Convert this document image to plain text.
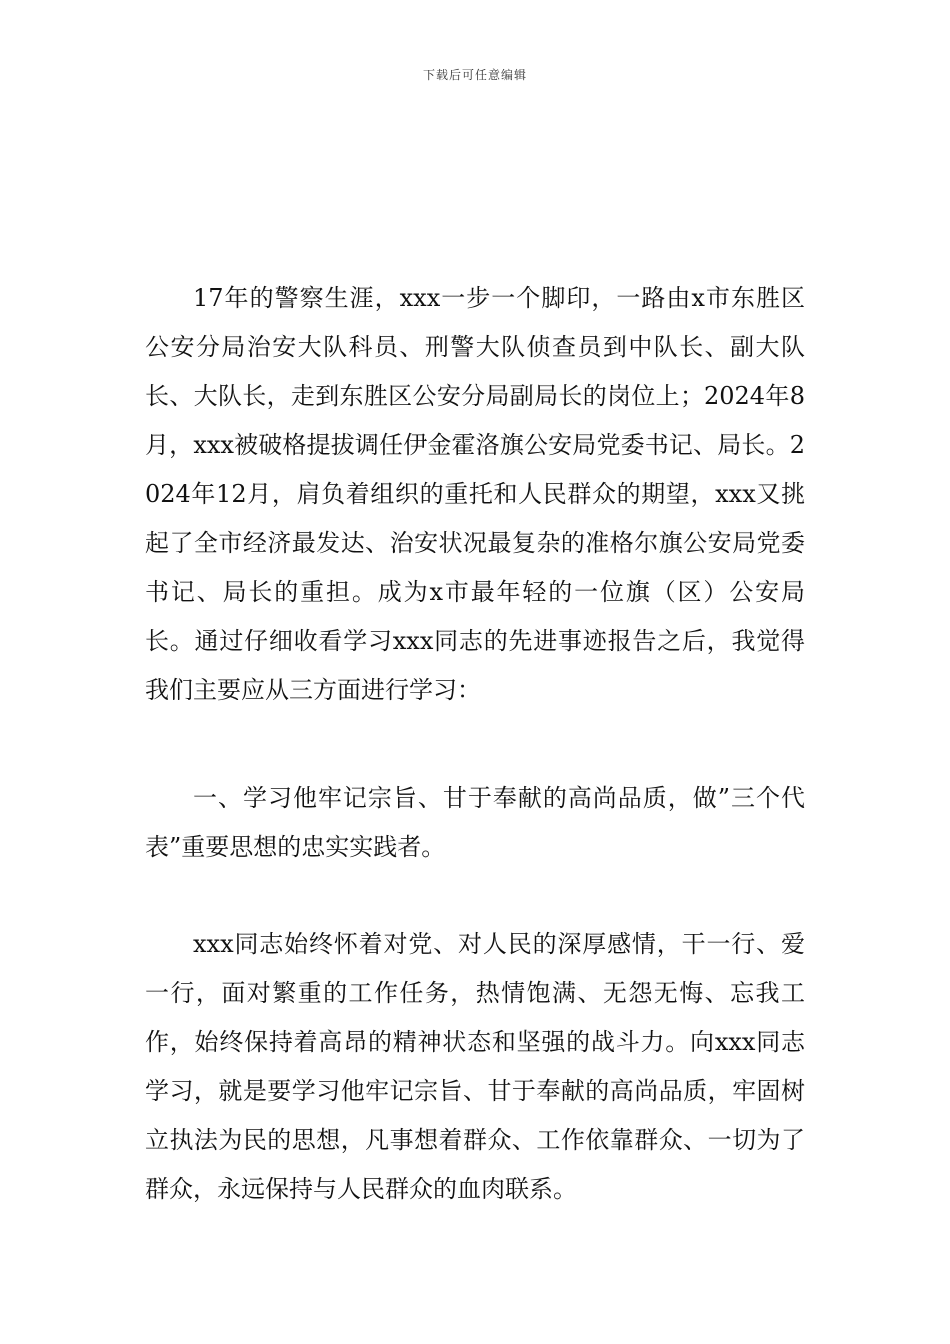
下载后可任意编辑

17年的警察生涯，xxx一步一个脚印，一路由x市东胜区公安分局治安大队科员、刑警大队侦查员到中队长、副大队长、大队长，走到东胜区公安分局副局长的岗位上；2024年8月，xxx被破格提拔调任伊金霍洛旗公安局党委书记、局长。2024年12月，肩负着组织的重托和人民群众的期望，xxx又挑起了全市经济最发达、治安状况最复杂的准格尔旗公安局党委书记、局长的重担。成为x市最年轻的一位旗（区）公安局长。通过仔细收看学习xxx同志的先进事迹报告之后，我觉得我们主要应从三方面进行学习：

一、学习他牢记宗旨、甘于奉献的高尚品质，做”三个代表”重要思想的忠实实践者。

xxx同志始终怀着对党、对人民的深厚感情，干一行、爱一行，面对繁重的工作任务，热情饱满、无怨无悔、忘我工作，始终保持着高昂的精神状态和坚强的战斗力。向xxx同志学习，就是要学习他牢记宗旨、甘于奉献的高尚品质，牢固树立执法为民的思想，凡事想着群众、工作依靠群众、一切为了群众，永远保持与人民群众的血肉联系。
